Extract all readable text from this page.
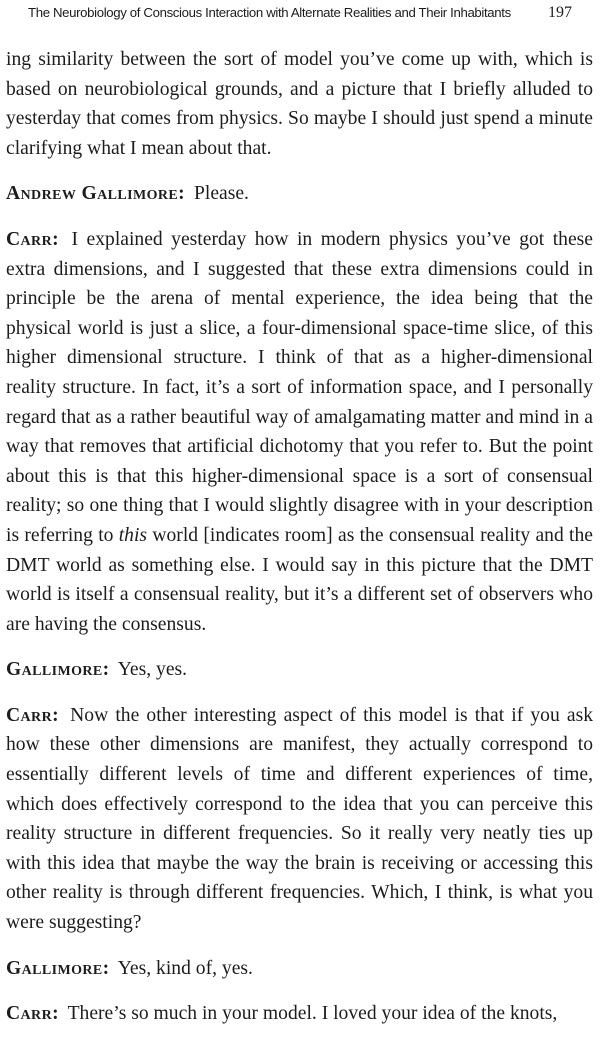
The Neurobiology of Conscious Interaction with Alternate Realities and Their Inhabitants 197

ing similarity between the sort of model you’ve come up with, which is based on neurobiological grounds, and a picture that I briefly alluded to yesterday that comes from physics. So maybe I should just spend a minute clarifying what I mean about that.

Andrew Gallimore: Please.

Carr: I explained yesterday how in modern physics you’ve got these extra dimensions, and I suggested that these extra dimensions could in principle be the arena of mental experience, the idea being that the physical world is just a slice, a four-dimensional space-time slice, of this higher dimensional structure. I think of that as a higher-dimensional reality structure. In fact, it’s a sort of information space, and I personally regard that as a rather beautiful way of amalgamating matter and mind in a way that removes that artificial dichotomy that you refer to. But the point about this is that this higher-dimensional space is a sort of consensual reality; so one thing that I would slightly disagree with in your description is referring to this world [indicates room] as the consensual reality and the DMT world as something else. I would say in this picture that the DMT world is itself a consensual reality, but it’s a different set of observers who are having the consensus.

Gallimore: Yes, yes.

Carr: Now the other interesting aspect of this model is that if you ask how these other dimensions are manifest, they actually correspond to essentially different levels of time and different experiences of time, which does effectively correspond to the idea that you can perceive this reality structure in different frequencies. So it really very neatly ties up with this idea that maybe the way the brain is receiving or accessing this other reality is through different frequencies. Which, I think, is what you were suggesting?

Gallimore: Yes, kind of, yes.

Carr: There’s so much in your model. I loved your idea of the knots,
